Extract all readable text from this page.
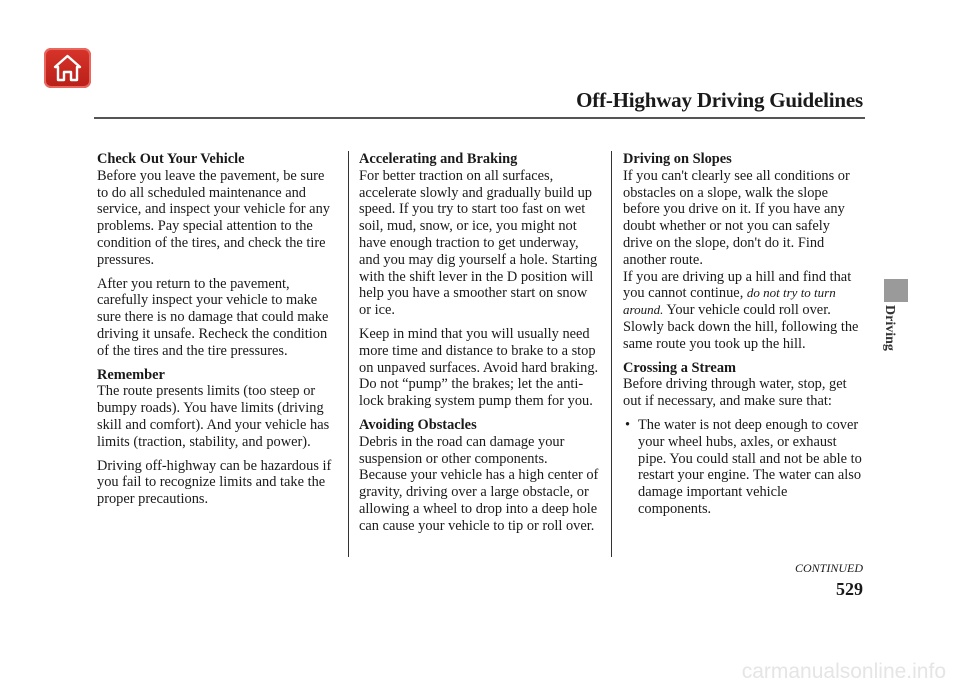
Off-Highway Driving Guidelines
Check Out Your Vehicle

Before you leave the pavement, be sure to do all scheduled maintenance and service, and inspect your vehicle for any problems. Pay special attention to the condition of the tires, and check the tire pressures.

After you return to the pavement, carefully inspect your vehicle to make sure there is no damage that could make driving it unsafe. Recheck the condition of the tires and the tire pressures.

Remember

The route presents limits (too steep or bumpy roads). You have limits (driving skill and comfort). And your vehicle has limits (traction, stability, and power).

Driving off-highway can be hazardous if you fail to recognize limits and take the proper precautions.

Accelerating and Braking

For better traction on all surfaces, accelerate slowly and gradually build up speed. If you try to start too fast on wet soil, mud, snow, or ice, you might not have enough traction to get underway, and you may dig yourself a hole. Starting with the shift lever in the D position will help you have a smoother start on snow or ice.

Keep in mind that you will usually need more time and distance to brake to a stop on unpaved surfaces. Avoid hard braking. Do not “pump” the brakes; let the anti-lock braking system pump them for you.

Avoiding Obstacles

Debris in the road can damage your suspension or other components. Because your vehicle has a high center of gravity, driving over a large obstacle, or allowing a wheel to drop into a deep hole can cause your vehicle to tip or roll over.

Driving on Slopes

If you can't clearly see all conditions or obstacles on a slope, walk the slope before you drive on it. If you have any doubt whether or not you can safely drive on the slope, don't do it. Find another route.

If you are driving up a hill and find that you cannot continue, do not try to turn around. Your vehicle could roll over. Slowly back down the hill, following the same route you took up the hill.

Crossing a Stream

Before driving through water, stop, get out if necessary, and make sure that:

• The water is not deep enough to cover your wheel hubs, axles, or exhaust pipe. You could stall and not be able to restart your engine. The water can also damage important vehicle components.
Driving
CONTINUED
529
carmanualsonline.info
